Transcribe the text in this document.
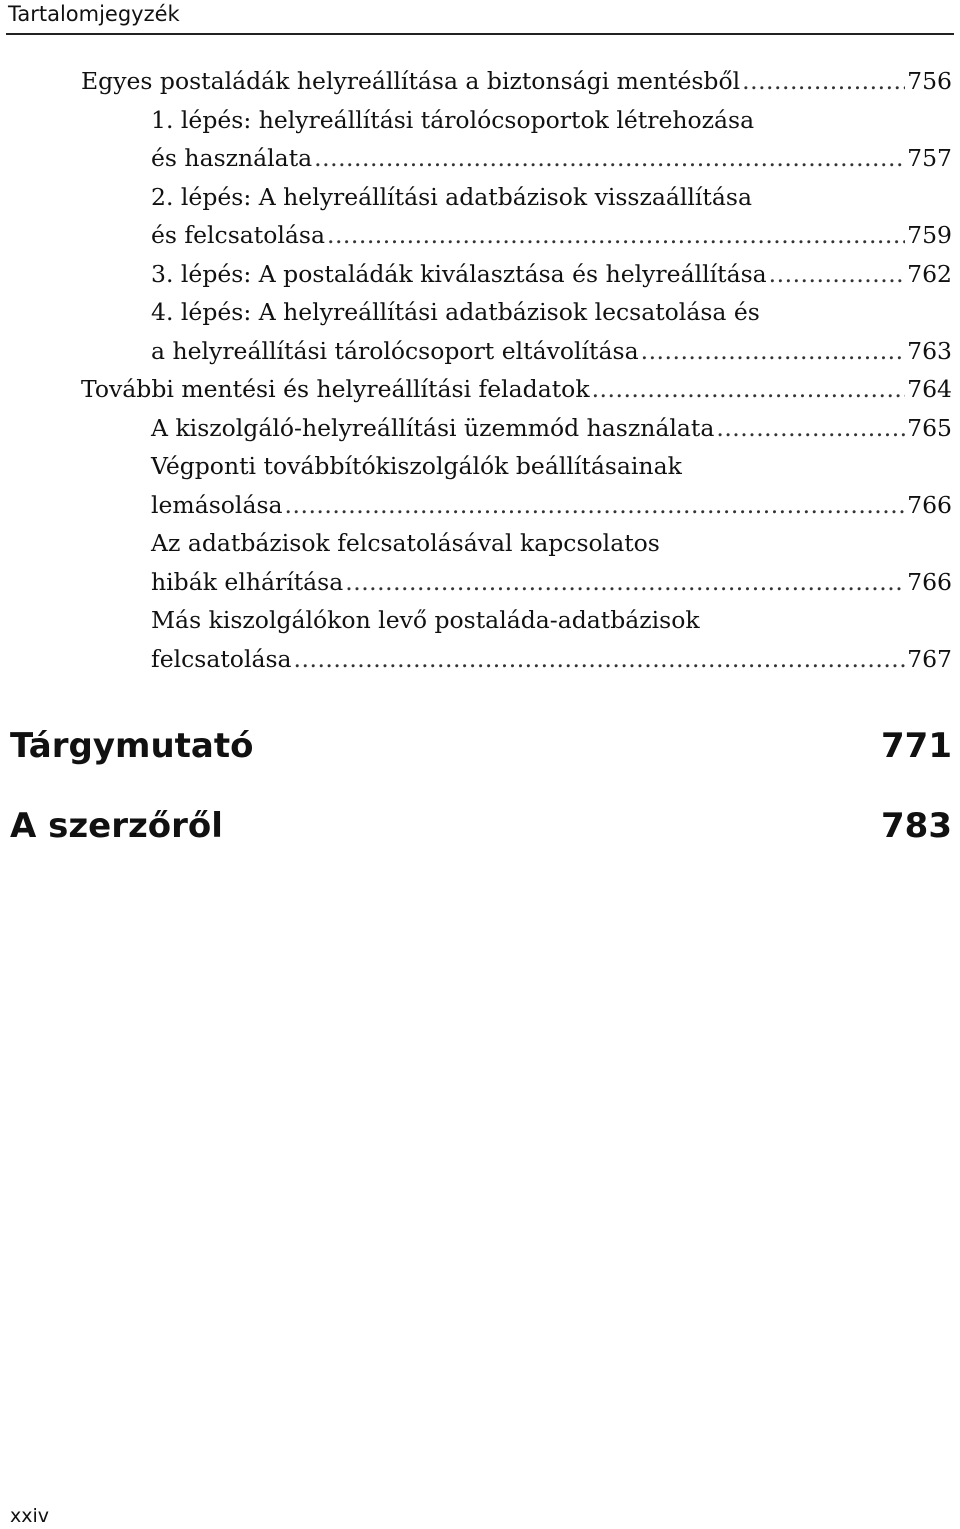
Tartalomjegyzék
Egyes postaládák helyreállítása a biztonsági mentésből .....	756
1. lépés: helyreállítási tárolócsoportok létrehozása
és használata .....	757
2. lépés: A helyreállítási adatbázisok visszaállítása
és felcsatolása .....	759
3. lépés: A postaládák kiválasztása és helyreállítása .....	762
4. lépés: A helyreállítási adatbázisok lecsatolása és
a helyreállítási tárolócsoport eltávolítása .....	763
További mentési és helyreállítási feladatok .....	764
A kiszolgáló-helyreállítási üzemmód használata .....	765
Végponti továbbítókiszolgálók beállításainak
lemásolása .....	766
Az adatbázisok felcsatolásával kapcsolatos
hibák elhárítása .....	766
Más kiszolgálókon levő postaláda-adatbázisok
felcsatolása .....	767
Tárgymutató	771
A szerzőről	783
xxiv
